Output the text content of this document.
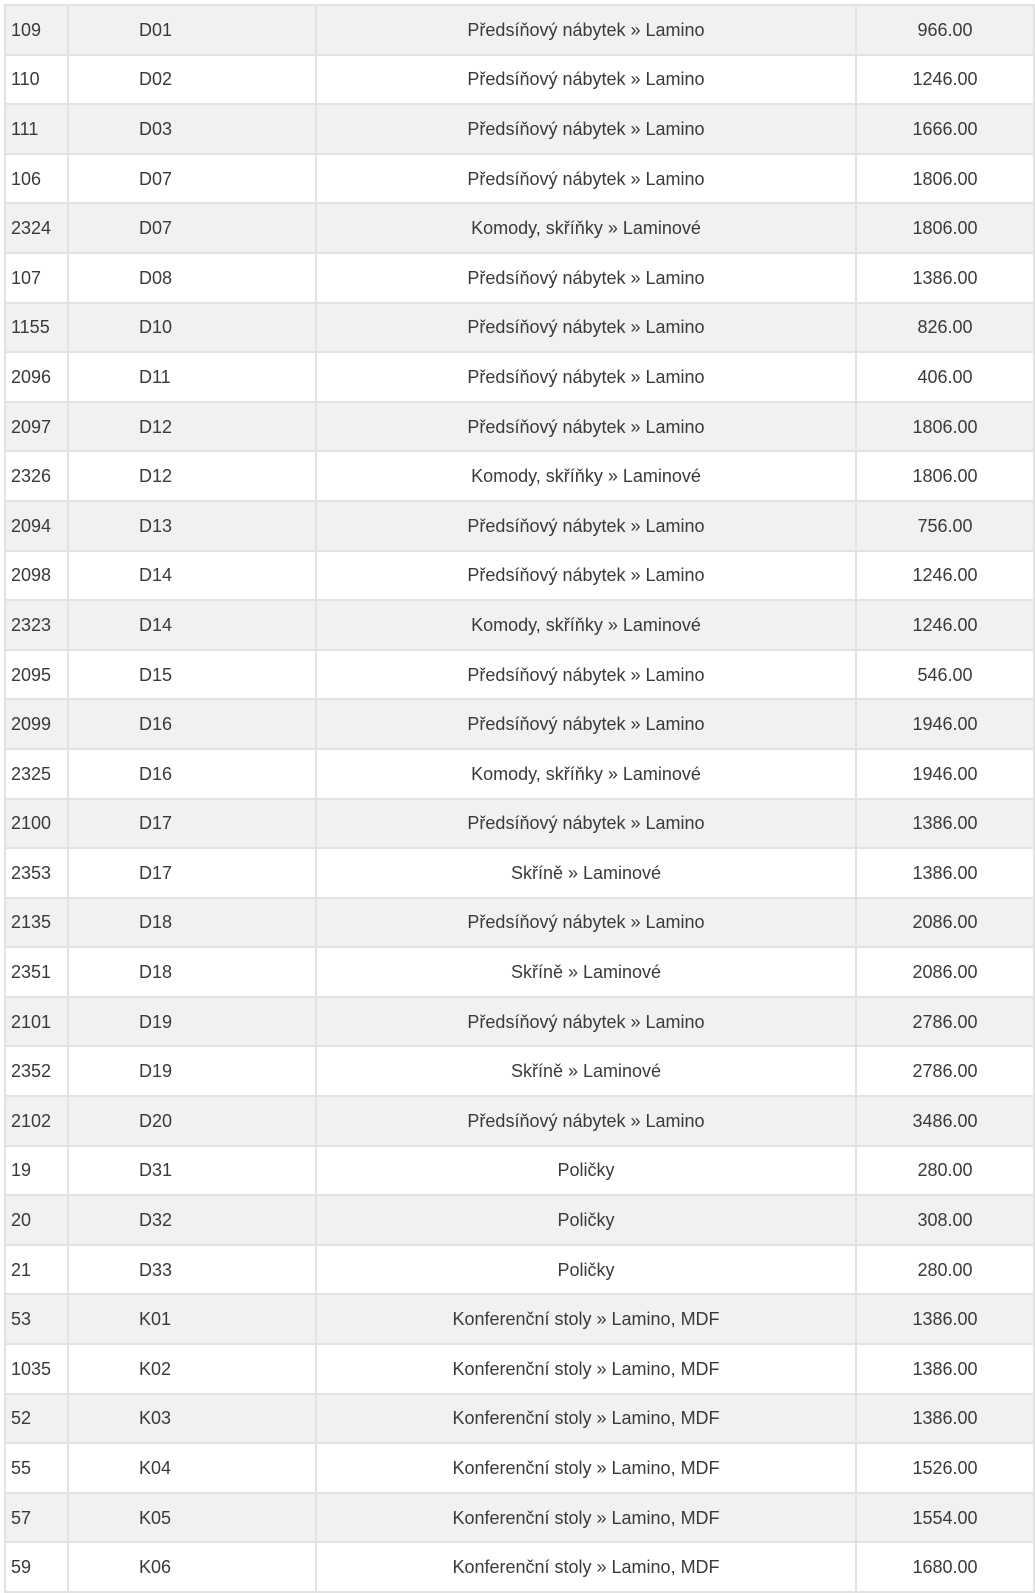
109	D01	Předsíňový nábytek » Lamino	966.00
110	D02	Předsíňový nábytek » Lamino	1246.00
111	D03	Předsíňový nábytek » Lamino	1666.00
106	D07	Předsíňový nábytek » Lamino	1806.00
2324	D07	Komody, skříňky » Laminové	1806.00
107	D08	Předsíňový nábytek » Lamino	1386.00
1155	D10	Předsíňový nábytek » Lamino	826.00
2096	D11	Předsíňový nábytek » Lamino	406.00
2097	D12	Předsíňový nábytek » Lamino	1806.00
2326	D12	Komody, skříňky » Laminové	1806.00
2094	D13	Předsíňový nábytek » Lamino	756.00
2098	D14	Předsíňový nábytek » Lamino	1246.00
2323	D14	Komody, skříňky » Laminové	1246.00
2095	D15	Předsíňový nábytek » Lamino	546.00
2099	D16	Předsíňový nábytek » Lamino	1946.00
2325	D16	Komody, skříňky » Laminové	1946.00
2100	D17	Předsíňový nábytek » Lamino	1386.00
2353	D17	Skříně » Laminové	1386.00
2135	D18	Předsíňový nábytek » Lamino	2086.00
2351	D18	Skříně » Laminové	2086.00
2101	D19	Předsíňový nábytek » Lamino	2786.00
2352	D19	Skříně » Laminové	2786.00
2102	D20	Předsíňový nábytek » Lamino	3486.00
19	D31	Poličky	280.00
20	D32	Poličky	308.00
21	D33	Poličky	280.00
53	K01	Konferenční stoly » Lamino, MDF	1386.00
1035	K02	Konferenční stoly » Lamino, MDF	1386.00
52	K03	Konferenční stoly » Lamino, MDF	1386.00
55	K04	Konferenční stoly » Lamino, MDF	1526.00
57	K05	Konferenční stoly » Lamino, MDF	1554.00
59	K06	Konferenční stoly » Lamino, MDF	1680.00
